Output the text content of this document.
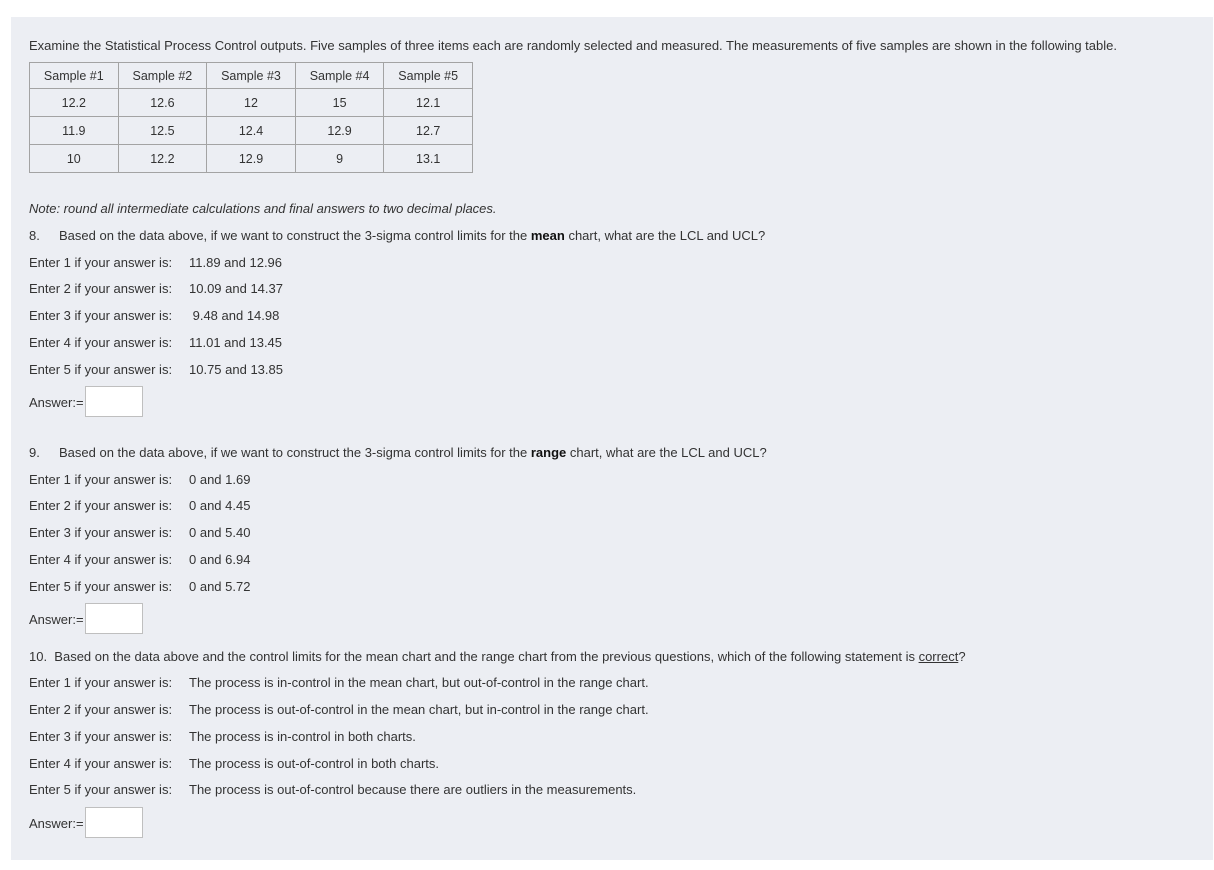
Examine the Statistical Process Control outputs. Five samples of three items each are randomly selected and measured. The measurements of five samples are shown in the following table.
Sample #1	Sample #2	Sample #3	Sample #4	Sample #5
12.2	12.6	12	15	12.1
11.9	12.5	12.4	12.9	12.7
10	12.2	12.9	9	13.1
Note: round all intermediate calculations and final answers to two decimal places.
8. Based on the data above, if we want to construct the 3-sigma control limits for the mean chart, what are the LCL and UCL?
Enter 1 if your answer is: 11.89 and 12.96
Enter 2 if your answer is: 10.09 and 14.37
Enter 3 if your answer is: 9.48 and 14.98
Enter 4 if your answer is: 11.01 and 13.45
Enter 5 if your answer is: 10.75 and 13.85
Answer:=
9. Based on the data above, if we want to construct the 3-sigma control limits for the range chart, what are the LCL and UCL?
Enter 1 if your answer is: 0 and 1.69
Enter 2 if your answer is: 0 and 4.45
Enter 3 if your answer is: 0 and 5.40
Enter 4 if your answer is: 0 and 6.94
Enter 5 if your answer is: 0 and 5.72
Answer:=
10.  Based on the data above and the control limits for the mean chart and the range chart from the previous questions, which of the following statement is correct?
Enter 1 if your answer is: The process is in-control in the mean chart, but out-of-control in the range chart.
Enter 2 if your answer is: The process is out-of-control in the mean chart, but in-control in the range chart.
Enter 3 if your answer is: The process is in-control in both charts.
Enter 4 if your answer is: The process is out-of-control in both charts.
Enter 5 if your answer is: The process is out-of-control because there are outliers in the measurements.
Answer:=
